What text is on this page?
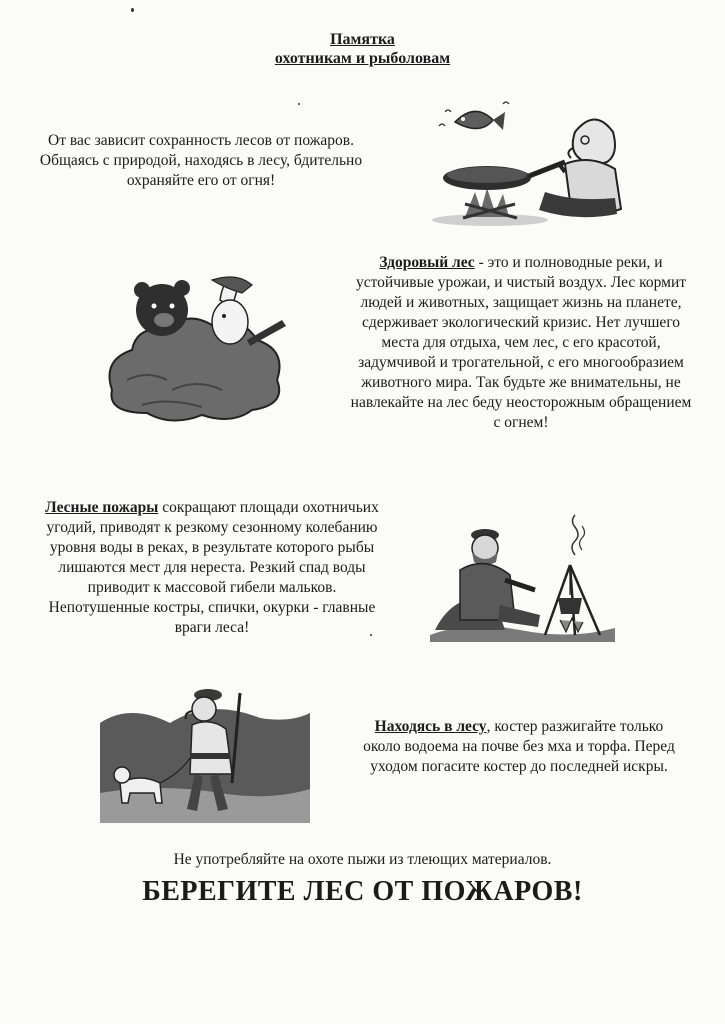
Памятка
охотникам и рыболовам
От вас зависит сохранность лесов от пожаров. Общаясь с природой, находясь в лесу, бдительно охраняйте его от огня!
Здоровый лес - это и полноводные реки, и устойчивые урожаи, и чистый воздух. Лес кормит людей и животных, защищает жизнь на планете, сдерживает экологический кризис. Нет лучшего места для отдыха, чем лес, с его красотой, задумчивой и трогательной, с его многообразием животного мира. Так будьте же внимательны, не навлекайте на лес беду неосторожным обращением с огнем!
Лесные пожары сокращают площади охотничьих угодий, приводят к резкому сезонному колебанию уровня воды в реках, в результате которого рыбы лишаются мест для нереста. Резкий спад воды приводит к массовой гибели мальков. Непотушенные костры, спички, окурки - главные враги леса!
Находясь в лесу, костер разжигайте только около водоема на почве без мха и торфа. Перед уходом погасите костер до последней искры.
Не употребляйте на охоте пыжи из тлеющих материалов.
БЕРЕГИТЕ ЛЕС ОТ ПОЖАРОВ!
